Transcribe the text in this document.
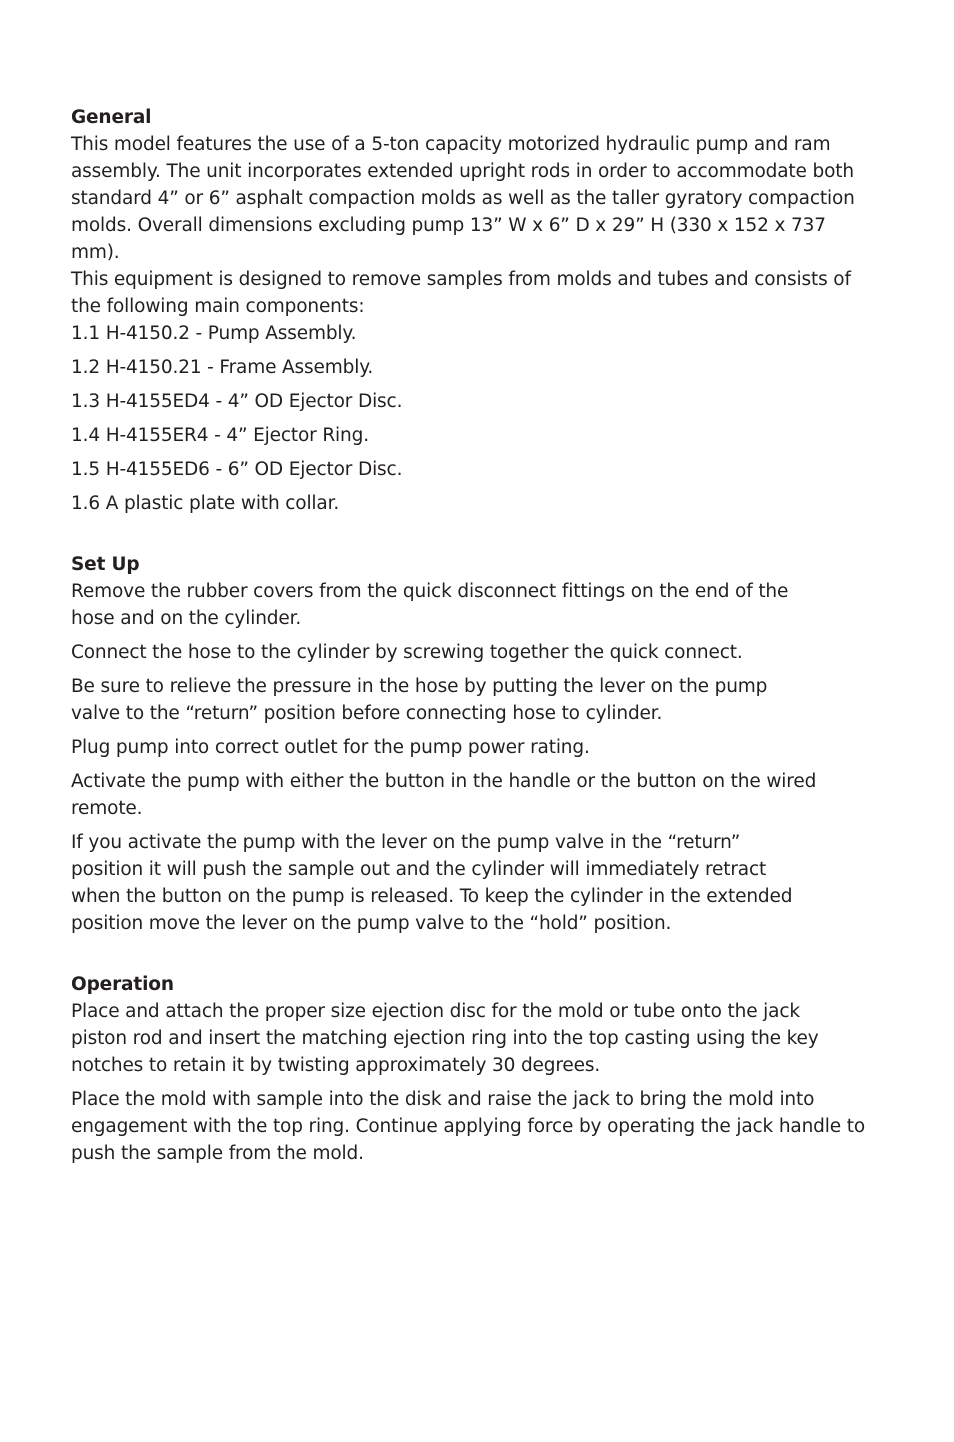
General

This model features the use of a 5-ton capacity motorized hydraulic pump and ram assembly. The unit incorporates extended upright rods in order to accommodate both standard 4” or 6” asphalt compaction molds as well as the taller gyratory compaction molds. Overall dimensions excluding pump 13” W x 6” D x 29” H (330 x 152 x 737 mm).

This equipment is designed to remove samples from molds and tubes and consists of the following main components:

1.1 H-4150.2 - Pump Assembly.

1.2 H-4150.21 - Frame Assembly.

1.3 H-4155ED4 - 4” OD Ejector Disc.

1.4 H-4155ER4 - 4” Ejector Ring.

1.5 H-4155ED6 - 6” OD Ejector Disc.

1.6 A plastic plate with collar.

Set Up

Remove the rubber covers from the quick disconnect fittings on the end of the hose and on the cylinder.

Connect the hose to the cylinder by screwing together the quick connect.

Be sure to relieve the pressure in the hose by putting the lever on the pump valve to the “return” position before connecting hose to cylinder.

Plug pump into correct outlet for the pump power rating.

Activate the pump with either the button in the handle or the button on the wired remote.

If you activate the pump with the lever on the pump valve in the “return” position it will push the sample out and the cylinder will immediately retract when the button on the pump is released. To keep the cylinder in the extended position move the lever on the pump valve to the “hold” position.

Operation

Place and attach the proper size ejection disc for the mold or tube onto the jack piston rod and insert the matching ejection ring into the top casting using the key notches to retain it by twisting approximately 30 degrees.

Place the mold with sample into the disk and raise the jack to bring the mold into engagement with the top ring. Continue applying force by operating the jack handle to push the sample from the mold.
